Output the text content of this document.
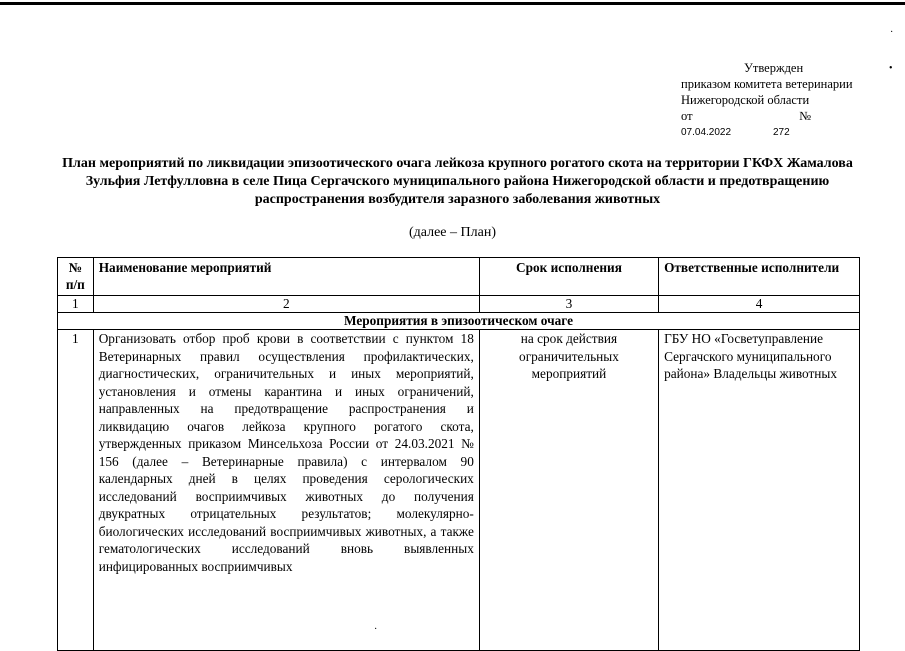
Утвержден
приказом комитета ветеринарии
Нижегородской области
от	№
07.04.2022	272
План мероприятий по ликвидации эпизоотического очага лейкоза крупного рогатого скота на территории ГКФХ Жамалова Зульфия Летфулловна в селе Пица Сергачского муниципального района Нижегородской области и предотвращению распространения возбудителя заразного заболевания животных
(далее – План)
№ п/п	Наименование мероприятий	Срок исполнения	Ответственные исполнители
1	2	3	4
Мероприятия в эпизоотическом очаге			
1	Организовать отбор проб крови в соответствии с пунктом 18 Ветеринарных правил осуществления профилактических, диагностических, ограничительных и иных мероприятий, установления и отмены карантина и иных ограничений, направленных на предотвращение распространения и ликвидацию очагов лейкоза крупного рогатого скота, утвержденных приказом Минсельхоза России от 24.03.2021 № 156 (далее – Ветеринарные правила) с интервалом 90 календарных дней в целях проведения серологических исследований восприимчивых животных до получения двукратных отрицательных результатов; молекулярно-биологических исследований восприимчивых животных, а также гематологических исследований вновь выявленных инфицированных восприимчивых	на срок действия ограничительных мероприятий	ГБУ НО «Госветуправление Сергачского муниципального района» Владельцы животных
·
•
·
